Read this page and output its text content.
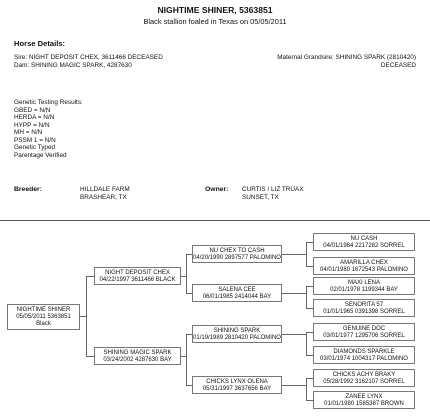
NIGHTIME SHINER, 5363851
Black stallion foaled in Texas on 05/05/2011
Horse Details:
Sire: NIGHT DEPOSIT CHEX, 3611466 DECEASED
Dam: SHINING MAGIC SPARK, 4287630
Maternal Grandsire: SHINING SPARK (2810420)
DECEASED
Genetic Testing Results:
GBED = N/N
HERDA = N/N
HYPP = N/N
MH = N/N
PSSM 1 = N/N
Genetic Typed
Parentage Verified
Breeder:	HILLDALE FARM
BRASHEAR, TX
Owner: CURTIS / LIZ TRUAX
SUNSET, TX
NIGHTIME SHINER
05/05/2011 5363851
Black
NIGHT DEPOSIT CHEX
04/22/1997 3611466 BLACK
SHINING MAGIC SPARK
03/24/2002 4287630 BAY
NU CHEX TO CASH
04/20/1990 2897577 PALOMINO
SALENA CEE
06/01/1985 2414044 BAY
SHINING SPARK
01/19/1989 2810420 PALOMINO
CHICKS LYNX OLENA
05/31/1997 3637656 BAY
NU CASH
04/01/1984 2217282 SORREL
AMARILLA CHEX
04/01/1980 1672543 PALOMINO
MAXI LENA
02/01/1978 1199344 BAY
SENORITA 57
01/01/1965 0391398 SORREL
GENUINE DOC
03/01/1977 1295706 SORREL
DIAMONDS SPARKLE
03/01/1974 1004317 PALOMINO
CHICKS ACHY BRAKY
05/28/1992 3162107 SORREL
ZANEE LYNX
01/01/1980 1585387 BROWN
